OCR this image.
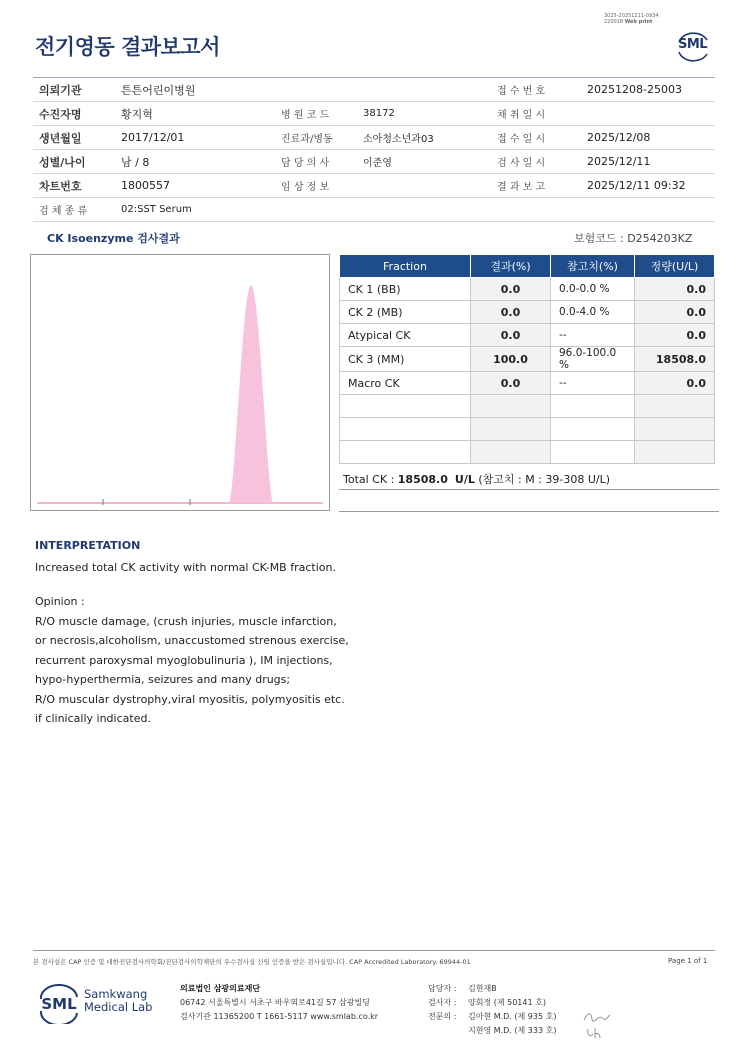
전기영동 결과보고서
3025-20251211-0934
220018 Web print
SML
의뢰기관	튼튼어린이병원			접 수 번 호	20251208-25003
수진자명	황지혁	병 원 코 드	38172	채 취 일 시	
생년월일	2017/12/01	진료과/병동	소아청소년과03	접 수 일 시	2025/12/08
성별/나이	남 / 8	담 당 의 사	이준영	검 사 일 시	2025/12/11
차트번호	1800557	임 상 정 보		결 과 보 고	2025/12/11 09:32
검 체 종 류	02:SST Serum				
CK Isoenzyme 검사결과	보험코드 : D254203KZ
Fraction	결과(%)	참고치(%)	정량(U/L)
CK 1 (BB)	0.0	0.0-0.0 %	0.0
CK 2 (MB)	0.0	0.0-4.0 %	0.0
Atypical CK	0.0	--	0.0
CK 3 (MM)	100.0	96.0-100.0 %	18508.0
Macro CK	0.0	--	0.0

Total CK : 18508.0 U/L (참고치 : M : 39-308 U/L)
INTERPRETATION
Increased total CK activity with normal CK-MB fraction.
Opinion :
R/O muscle damage, (crush injuries, muscle infarction,
or necrosis,alcoholism, unaccustomed strenous exercise,
recurrent paroxysmal myoglobulinuria ), IM injections,
hypo-hyperthermia, seizures and many drugs;
R/O muscular dystrophy,viral myositis, polymyositis etc.
if clinically indicated.
본 검사실은 CAP 인증 및 대한진단검사의학회/진단검사의학재단의 우수검사실 신임 인증을 받은 검사실입니다. CAP Accredited Laboratory. 69944-01	Page 1 of 1
SML
Samkwang
Medical Lab
의료법인 삼광의료재단
06742 서울특별시 서초구 바우뫼로41길 57 삼광빌딩
검사기관 11365200 T 1661-5117 www.smlab.co.kr
담당자 :	김현재B
검사자 :	양회정 (제 50141 호)
전문의 :	김아현 M.D. (제 935 호)
지현영 M.D. (제 333 호)
